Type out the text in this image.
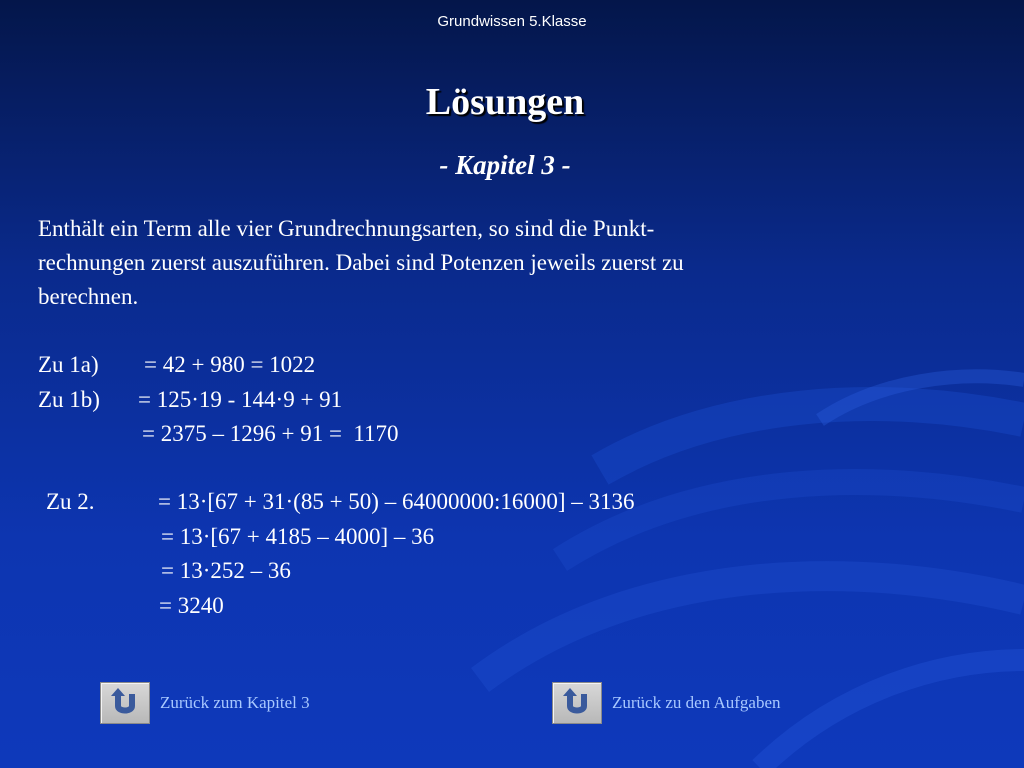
Grundwissen 5.Klasse
Lösungen
- Kapitel 3 -

Enthält ein Term alle vier Grundrechnungsarten, so sind die Punkt-

rechnungen zuerst auszuführen. Dabei sind Potenzen jeweils zuerst zu

berechnen.

Zu 1a) = 42 + 980 = 1022
Zu 1b) = 125·19 - 144·9 + 91
= 2375 – 1296 + 91 =  1170
Zu 2.	= 13·[67 + 31·(85 + 50) – 64000000:16000] – 3136
= 13·[67 + 4185 – 4000] – 36
= 13·252 – 36
= 3240
Zurück zum Kapitel 3	Zurück zu den Aufgaben
